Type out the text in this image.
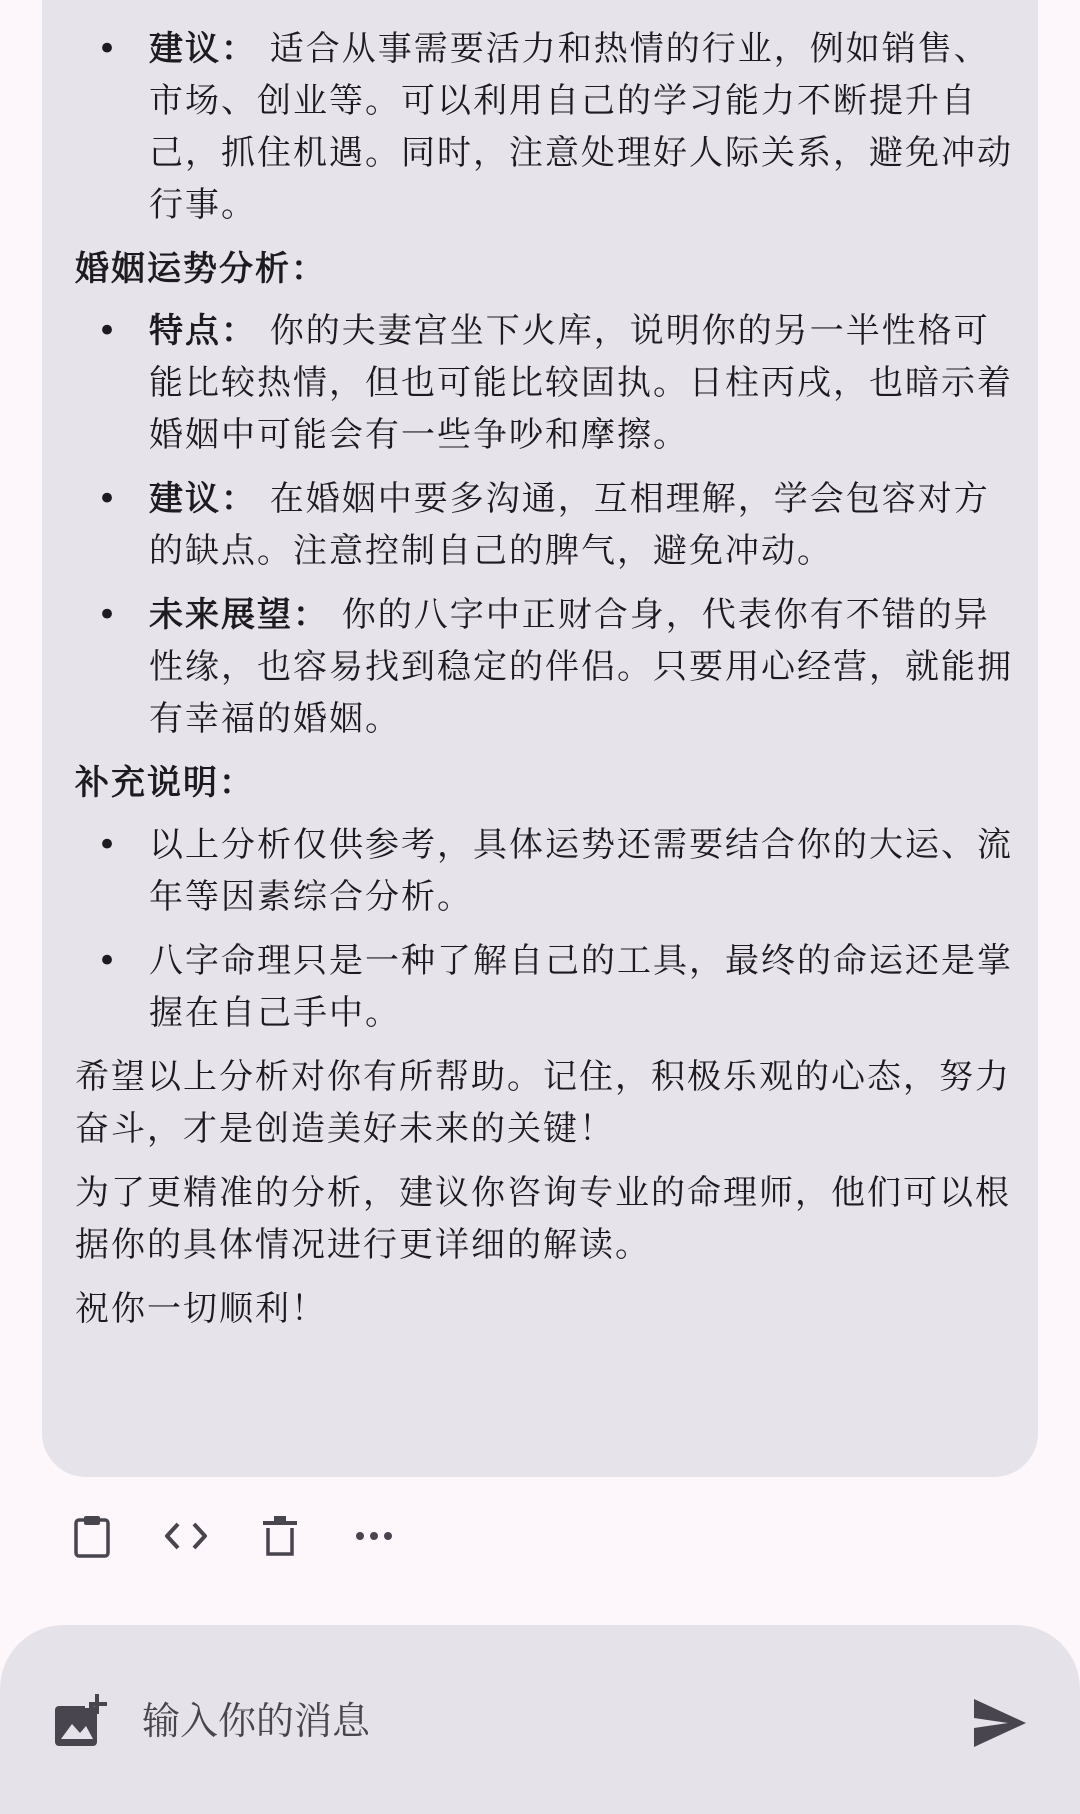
• 建议： 适合从事需要活力和热情的行业，例如销售、市场、创业等。可以利用自己的学习能力不断提升自己，抓住机遇。同时，注意处理好人际关系，避免冲动行事。

婚姻运势分析：

• 特点： 你的夫妻宫坐下火库，说明你的另一半性格可能比较热情，但也可能比较固执。日柱丙戌，也暗示着婚姻中可能会有一些争吵和摩擦。
• 建议： 在婚姻中要多沟通，互相理解，学会包容对方的缺点。注意控制自己的脾气，避免冲动。
• 未来展望： 你的八字中正财合身，代表你有不错的异性缘，也容易找到稳定的伴侣。只要用心经营，就能拥有幸福的婚姻。

补充说明：

• 以上分析仅供参考，具体运势还需要结合你的大运、流年等因素综合分析。
• 八字命理只是一种了解自己的工具，最终的命运还是掌握在自己手中。

希望以上分析对你有所帮助。记住，积极乐观的心态，努力奋斗，才是创造美好未来的关键！

为了更精准的分析，建议你咨询专业的命理师，他们可以根据你的具体情况进行更详细的解读。

祝你一切顺利！

输入你的消息
